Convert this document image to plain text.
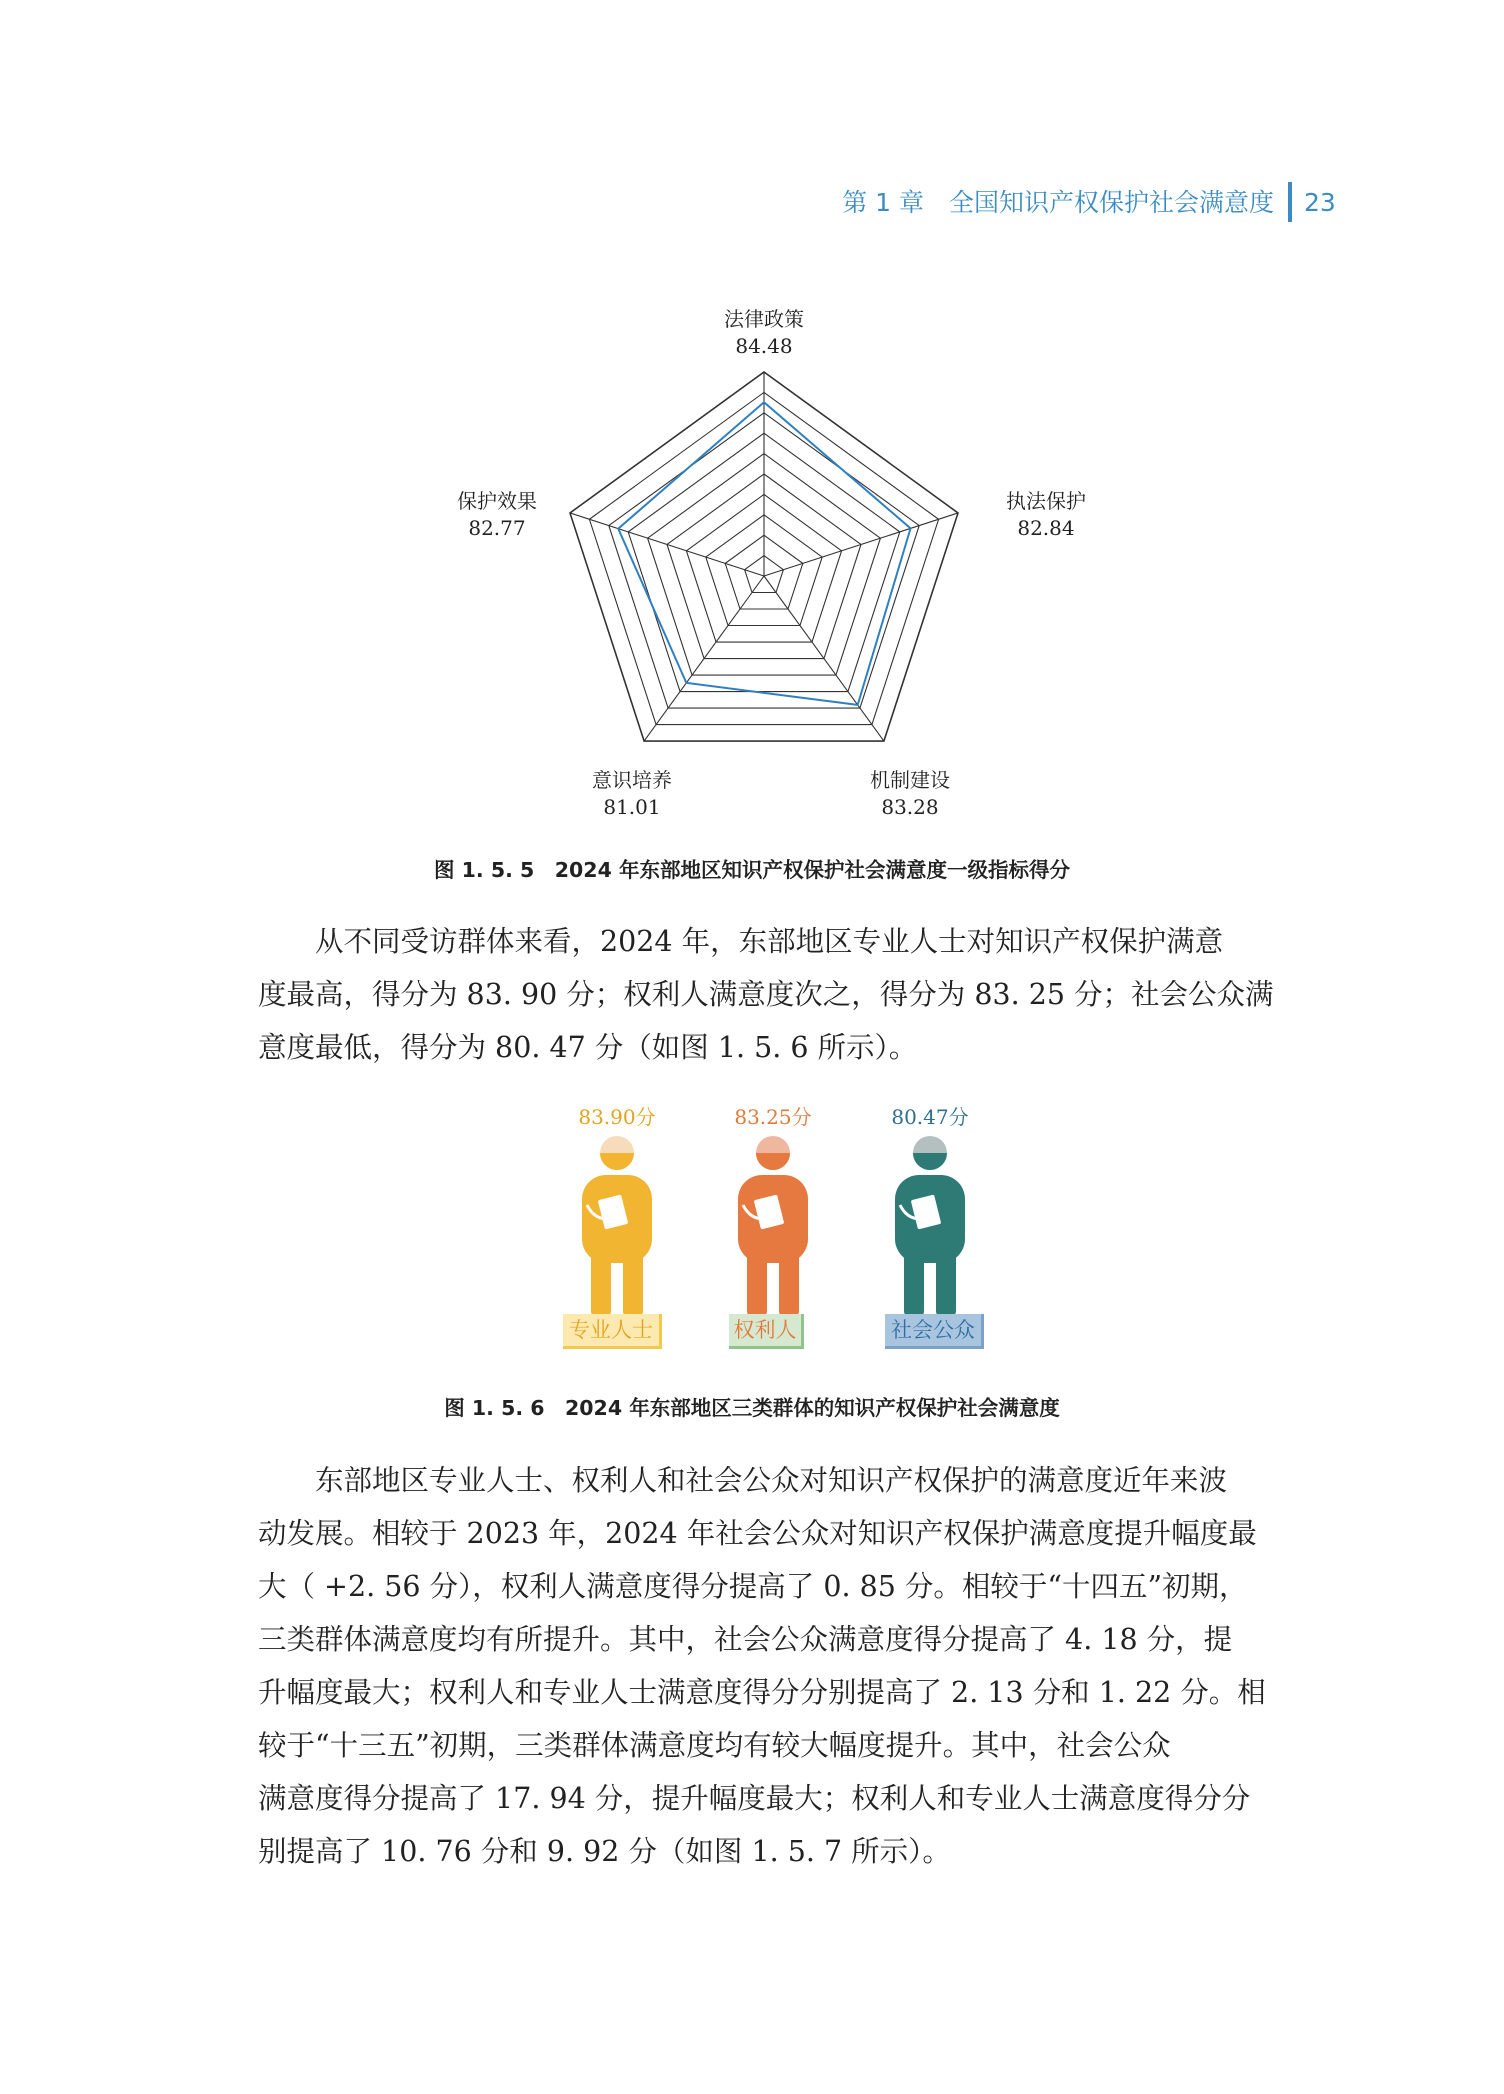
第 1 章　全国知识产权保护社会满意度 23
法律政策
84.48
执法保护
82.84
机制建设
83.28
意识培养
81.01
保护效果
82.77
图 1. 5. 5　2024 年东部地区知识产权保护社会满意度一级指标得分
从不同受访群体来看，2024 年，东部地区专业人士对知识产权保护满意
度最高，得分为 83. 90 分；权利人满意度次之，得分为 83. 25 分；社会公众满
意度最低，得分为 80. 47 分（如图 1. 5. 6 所示）。
83.90分	83.25分	80.47分
专业人士	权利人	社会公众
图 1. 5. 6　2024 年东部地区三类群体的知识产权保护社会满意度
东部地区专业人士、权利人和社会公众对知识产权保护的满意度近年来波
动发展。相较于 2023 年，2024 年社会公众对知识产权保护满意度提升幅度最
大（ +2. 56 分），权利人满意度得分提高了 0. 85 分。相较于“十四五”初期，
三类群体满意度均有所提升。其中，社会公众满意度得分提高了 4. 18 分，提
升幅度最大；权利人和专业人士满意度得分分别提高了 2. 13 分和 1. 22 分。相
较于“十三五”初期，三类群体满意度均有较大幅度提升。其中，社会公众
满意度得分提高了 17. 94 分，提升幅度最大；权利人和专业人士满意度得分分
别提高了 10. 76 分和 9. 92 分（如图 1. 5. 7 所示）。
